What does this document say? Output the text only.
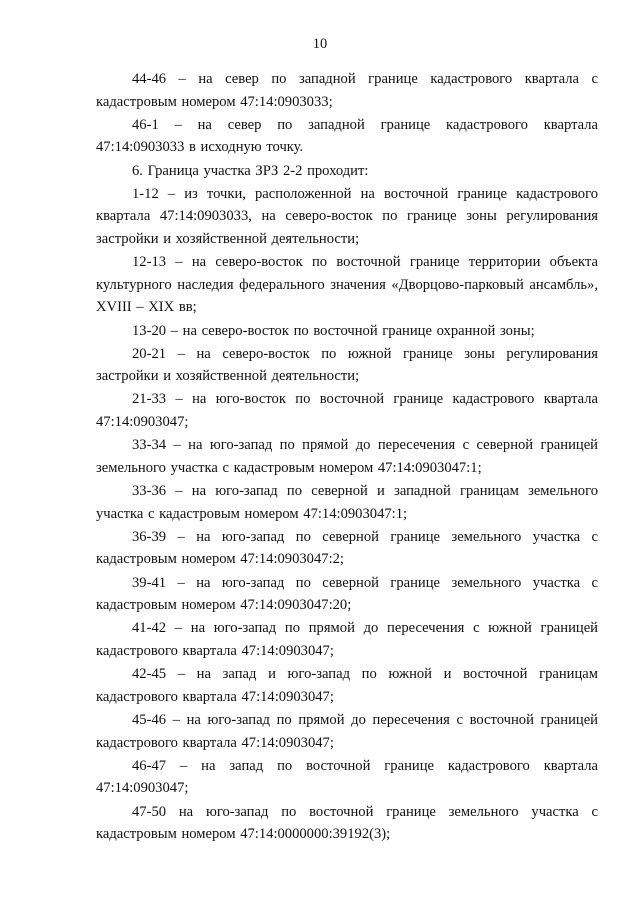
10

44-46 – на север по западной границе кадастрового квартала с кадастровым номером 47:14:0903033;

46-1 – на север по западной границе кадастрового квартала 47:14:0903033 в исходную точку.

6. Граница участка ЗРЗ 2-2 проходит:

1-12 – из точки, расположенной на восточной границе кадастрового квартала 47:14:0903033, на северо-восток по границе зоны регулирования застройки и хозяйственной деятельности;

12-13 – на северо-восток по восточной границе территории объекта культурного наследия федерального значения «Дворцово-парковый ансамбль», XVIII – XIX вв;

13-20 – на северо-восток по восточной границе охранной зоны;

20-21 – на северо-восток по южной границе зоны регулирования застройки и хозяйственной деятельности;

21-33 – на юго-восток по восточной границе кадастрового квартала 47:14:0903047;

33-34 – на юго-запад по прямой до пересечения с северной границей земельного участка с кадастровым номером 47:14:0903047:1;

33-36 – на юго-запад по северной и западной границам земельного участка с кадастровым номером 47:14:0903047:1;

36-39 – на юго-запад по северной границе земельного участка с кадастровым номером 47:14:0903047:2;

39-41 – на юго-запад по северной границе земельного участка с кадастровым номером 47:14:0903047:20;

41-42 – на юго-запад по прямой до пересечения с южной границей кадастрового квартала 47:14:0903047;

42-45 – на запад и юго-запад по южной и восточной границам кадастрового квартала 47:14:0903047;

45-46 – на юго-запад по прямой до пересечения с восточной границей кадастрового квартала 47:14:0903047;

46-47 – на запад по восточной границе кадастрового квартала 47:14:0903047;

47-50 на юго-запад по восточной границе земельного участка с кадастровым номером 47:14:0000000:39192(3);
